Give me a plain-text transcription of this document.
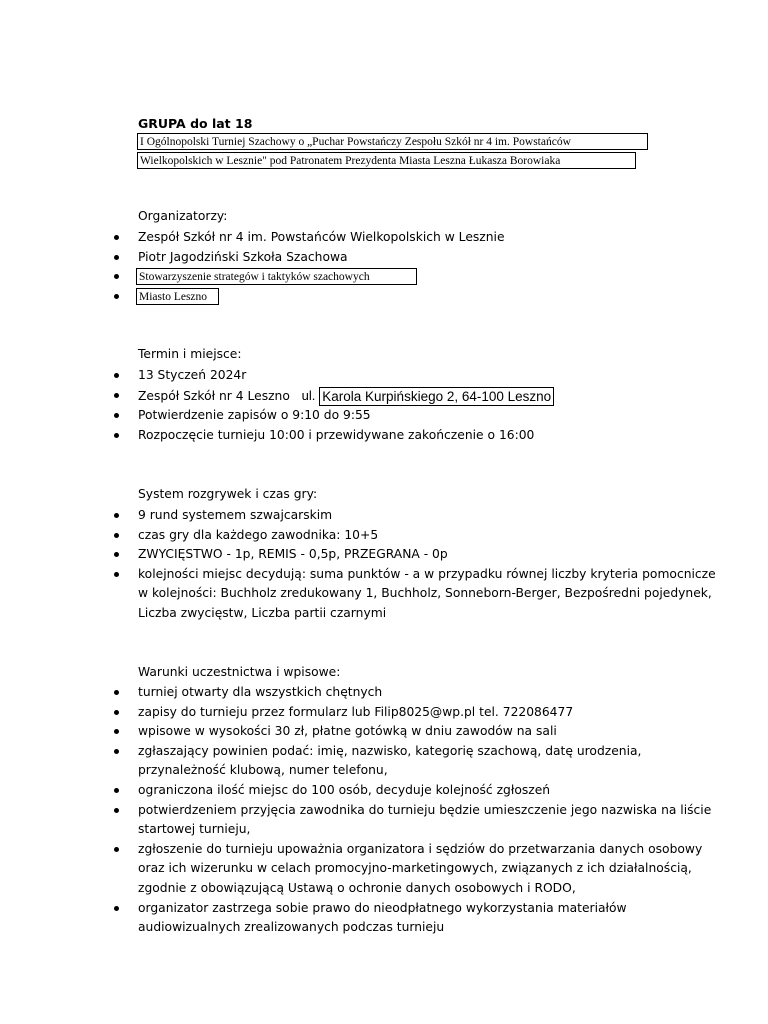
GRUPA do lat 18
I Ogólnopolski Turniej Szachowy o „Puchar Powstańczy Zespołu Szkół nr 4 im. Powstańców
Wielkopolskich w Lesznie" pod Patronatem Prezydenta Miasta Leszna Łukasza Borowiaka

Organizatorzy:

Zespół Szkół nr 4 im. Powstańców Wielkopolskich w Lesznie
Piotr Jagodziński Szkoła Szachowa
Stowarzyszenie strategów i taktyków szachowych
Miasto Leszno

Termin i miejsce:

13 Styczeń 2024r
Zespół Szkół nr 4 Leszno ul. Karola Kurpińskiego 2, 64-100 Leszno
Potwierdzenie zapisów o 9:10 do 9:55
Rozpoczęcie turnieju 10:00 i przewidywane zakończenie o 16:00

System rozgrywek i czas gry:

9 rund systemem szwajcarskim
czas gry dla każdego zawodnika: 10+5
ZWYCIĘSTWO - 1p, REMIS - 0,5p, PRZEGRANA - 0p
kolejności miejsc decydują: suma punktów - a w przypadku równej liczby kryteria pomocnicze
w kolejności: Buchholz zredukowany 1, Buchholz, Sonneborn-Berger, Bezpośredni pojedynek,
Liczba zwycięstw, Liczba partii czarnymi

Warunki uczestnictwa i wpisowe:

turniej otwarty dla wszystkich chętnych
zapisy do turnieju przez formularz lub Filip8025@wp.pl tel. 722086477
wpisowe w wysokości 30 zł, płatne gotówką w dniu zawodów na sali
zgłaszający powinien podać: imię, nazwisko, kategorię szachową, datę urodzenia,
przynależność klubową, numer telefonu,
ograniczona ilość miejsc do 100 osób, decyduje kolejność zgłoszeń
potwierdzeniem przyjęcia zawodnika do turnieju będzie umieszczenie jego nazwiska na liście
startowej turnieju,
zgłoszenie do turnieju upoważnia organizatora i sędziów do przetwarzania danych osobowy
oraz ich wizerunku w celach promocyjno-marketingowych, związanych z ich działalnością,
zgodnie z obowiązującą Ustawą o ochronie danych osobowych i RODO,
organizator zastrzega sobie prawo do nieodpłatnego wykorzystania materiałów
audiowizualnych zrealizowanych podczas turnieju
